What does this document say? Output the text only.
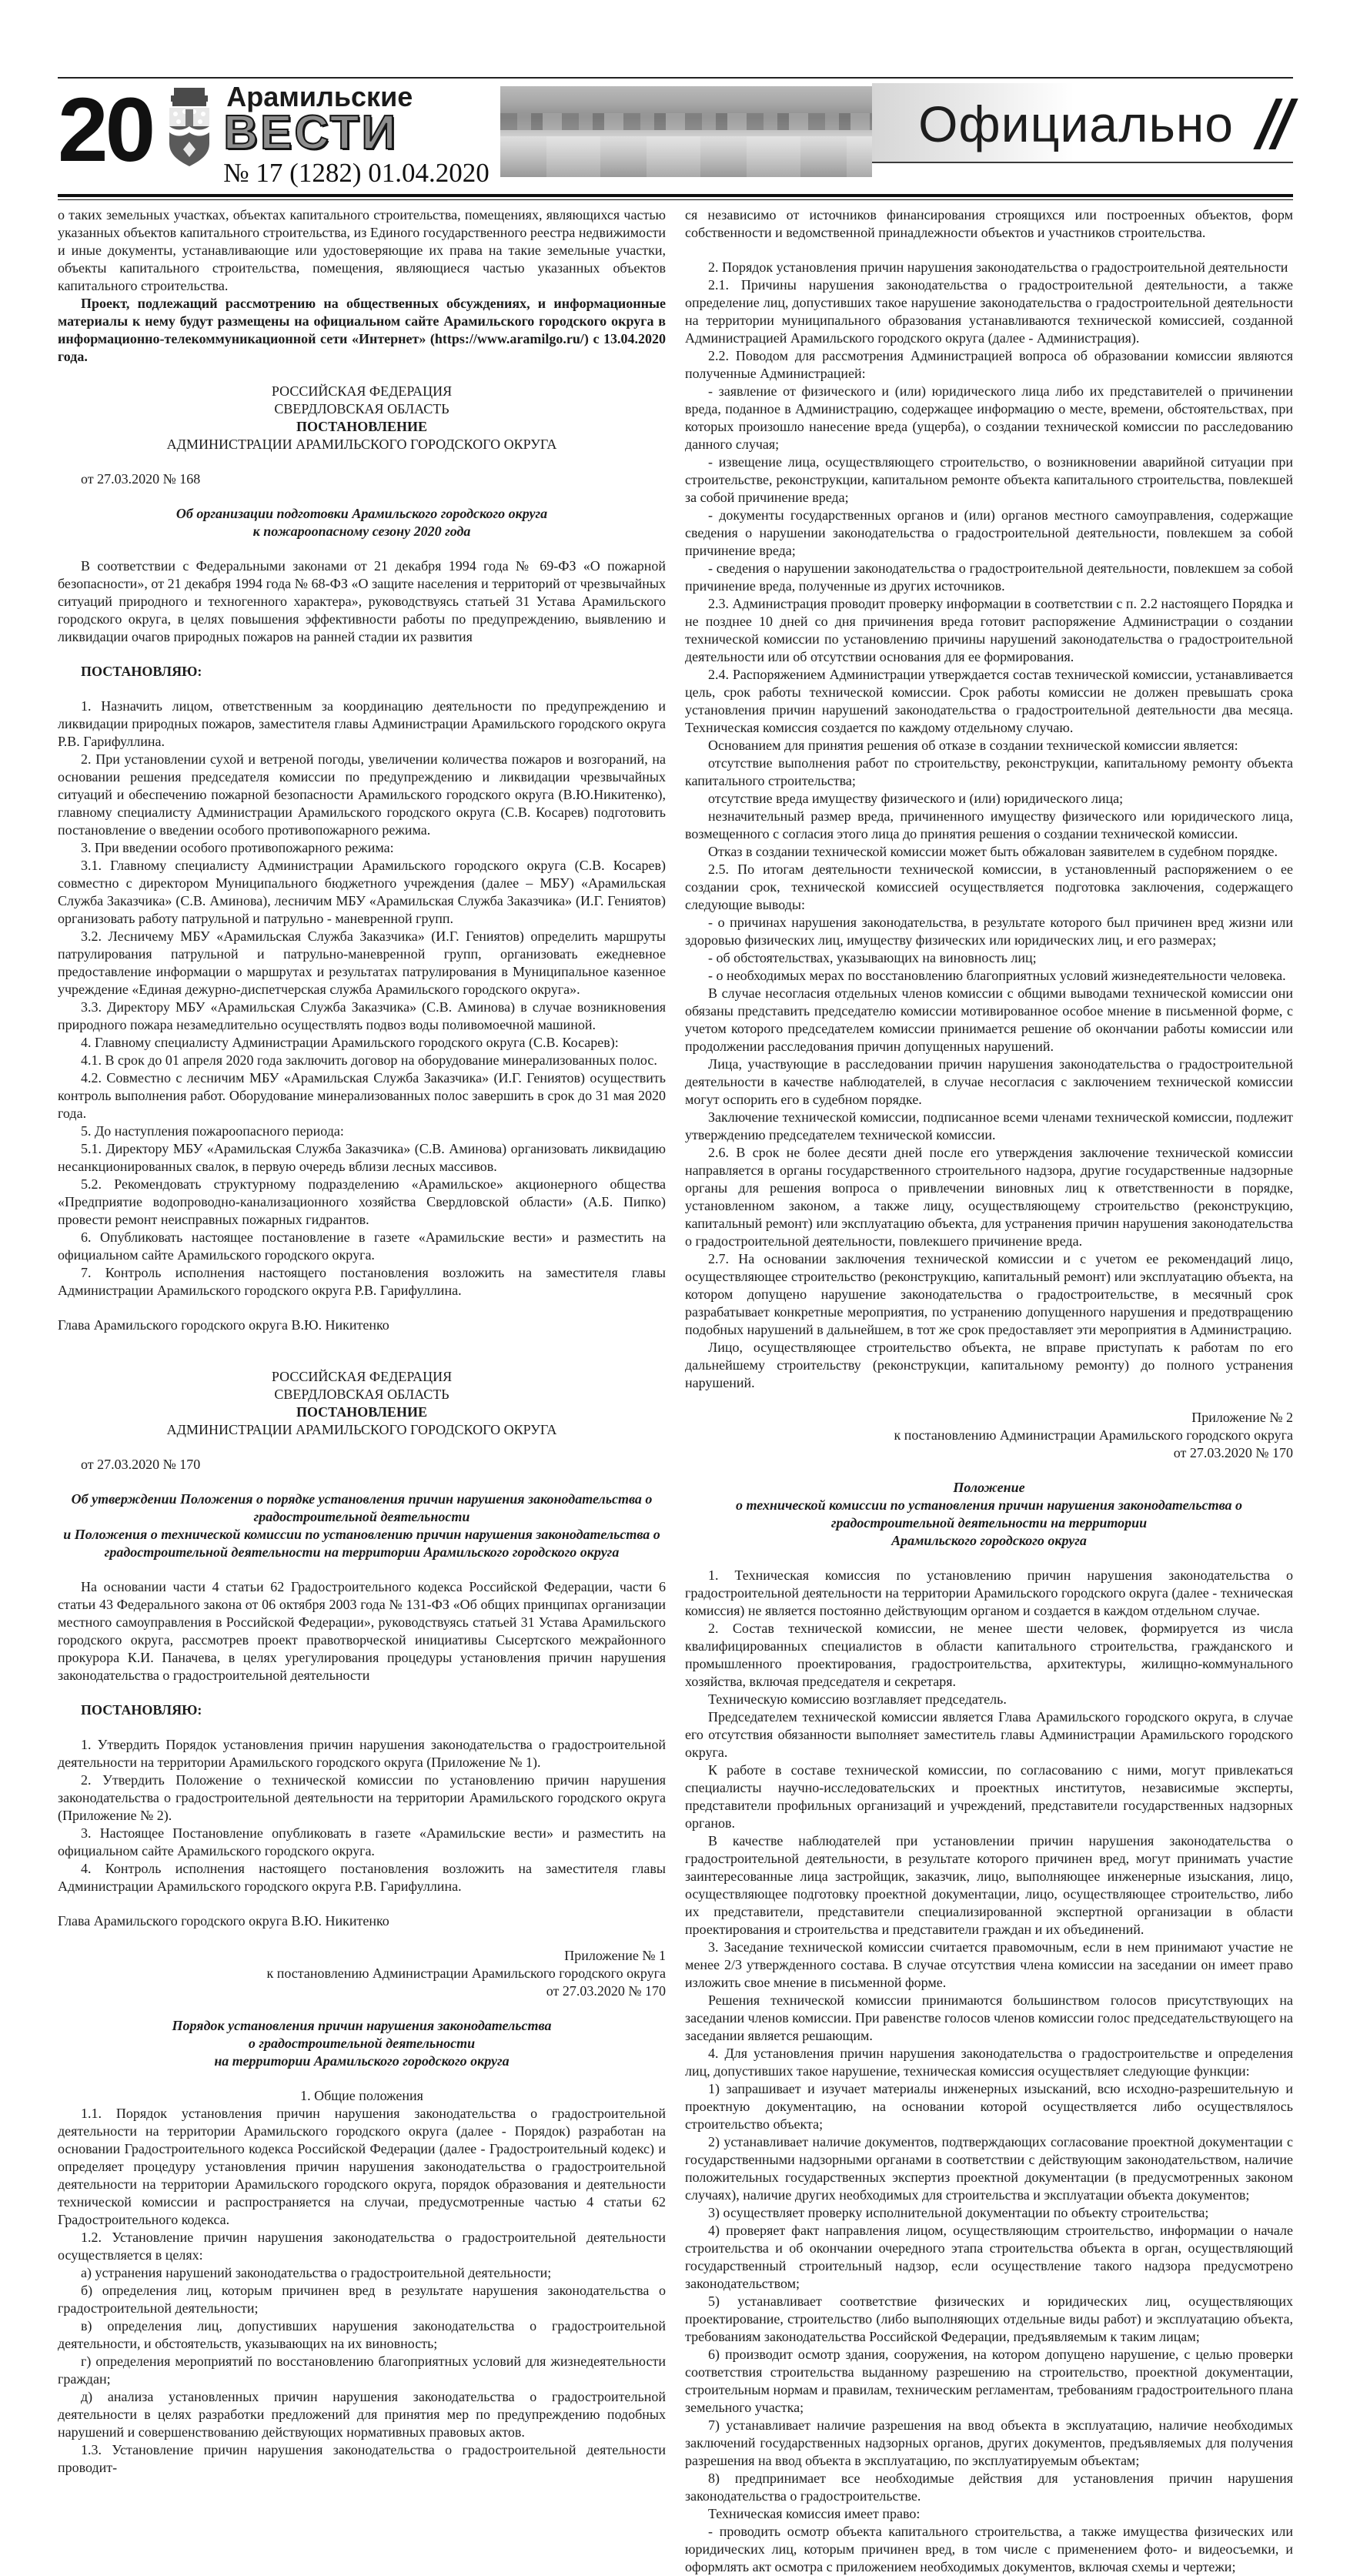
20	Арамильские
ВЕСТИ
№ 17 (1282) 01.04.2020
Официально

о таких земельных участках, объектах капитального строительства, помещениях, являющихся частью указанных объектов капитального строительства, из Единого государственного реестра недвижимости и иные документы, устанавливающие или удостоверяющие их права на такие земельные участки, объекты капитального строительства, помещения, являющиеся частью указанных объектов капитального строительства.

Проект, подлежащий рассмотрению на общественных обсуждениях, и информационные материалы к нему будут размещены на официальном сайте Арамильского городского округа в информационно-телекоммуникационной сети «Интернет» (https://www.aramilgo.ru/) с 13.04.2020 года.

РОССИЙСКАЯ ФЕДЕРАЦИЯ

СВЕРДЛОВСКАЯ ОБЛАСТЬ

ПОСТАНОВЛЕНИЕ

АДМИНИСТРАЦИИ АРАМИЛЬСКОГО ГОРОДСКОГО ОКРУГА

от 27.03.2020 № 168

Об организации подготовки Арамильского городского округа

к пожароопасному сезону 2020 года

В соответствии с Федеральными законами от 21 декабря 1994 года № 69-ФЗ «О пожарной безопасности», от 21 декабря 1994 года № 68-ФЗ «О защите населения и территорий от чрезвычайных ситуаций природного и техногенного характера», руководствуясь статьей 31 Устава Арамильского городского округа, в целях повышения эффективности работы по предупреждению, выявлению и ликвидации очагов природных пожаров на ранней стадии их развития

ПОСТАНОВЛЯЮ:

1. Назначить лицом, ответственным за координацию деятельности по предупреждению и ликвидации природных пожаров, заместителя главы Администрации Арамильского городского округа Р.В. Гарифуллина.

2. При установлении сухой и ветреной погоды, увеличении количества пожаров и возгораний, на основании решения председателя комиссии по предупреждению и ликвидации чрезвычайных ситуаций и обеспечению пожарной безопасности Арамильского городского округа (В.Ю.Никитенко), главному специалисту Администрации Арамильского городского округа (С.В. Косарев) подготовить постановление о введении особого противопожарного режима.

3. При введении особого противопожарного режима:

3.1. Главному специалисту Администрации Арамильского городского округа (С.В. Косарев) совместно с директором Муниципального бюджетного учреждения (далее – МБУ) «Арамильская Служба Заказчика» (С.В. Аминова), лесничим МБУ «Арамильская Служба Заказчика» (И.Г. Гениятов) организовать работу патрульной и патрульно - маневренной групп.

3.2. Лесничему МБУ «Арамильская Служба Заказчика» (И.Г. Гениятов) определить маршруты патрулирования патрульной и патрульно-маневренной групп, организовать ежедневное предоставление информации о маршрутах и результатах патрулирования в Муниципальное казенное учреждение «Единая дежурно-диспетчерская служба Арамильского городского округа».

3.3. Директору МБУ «Арамильская Служба Заказчика» (С.В. Аминова) в случае возникновения природного пожара незамедлительно осуществлять подвоз воды поливомоечной машиной.

4. Главному специалисту Администрации Арамильского городского округа (С.В. Косарев):

4.1. В срок до 01 апреля 2020 года заключить договор на оборудование минерализованных полос.

4.2. Совместно с лесничим МБУ «Арамильская Служба Заказчика» (И.Г. Гениятов) осуществить контроль выполнения работ. Оборудование минерализованных полос завершить в срок до 31 мая 2020 года.

5. До наступления пожароопасного периода:

5.1. Директору МБУ «Арамильская Служба Заказчика» (С.В. Аминова) организовать ликвидацию несанкционированных свалок, в первую очередь вблизи лесных массивов.

5.2. Рекомендовать структурному подразделению «Арамильское» акционерного общества «Предприятие водопроводно-канализационного хозяйства Свердловской области» (А.Б. Пипко) провести ремонт неисправных пожарных гидрантов.

6. Опубликовать настоящее постановление в газете «Арамильские вести» и разместить на официальном сайте Арамильского городского округа.

7. Контроль исполнения настоящего постановления возложить на заместителя главы Администрации Арамильского городского округа Р.В. Гарифуллина.

Глава Арамильского городского округа В.Ю. Никитенко

РОССИЙСКАЯ ФЕДЕРАЦИЯ

СВЕРДЛОВСКАЯ ОБЛАСТЬ

ПОСТАНОВЛЕНИЕ

АДМИНИСТРАЦИИ АРАМИЛЬСКОГО ГОРОДСКОГО ОКРУГА

от 27.03.2020 № 170

Об утверждении Положения о порядке установления причин нарушения законодательства о градостроительной деятельности

и Положения о технической комиссии по установлению причин нарушения законодательства о градостроительной деятельности на территории Арамильского городского округа

На основании части 4 статьи 62 Градостроительного кодекса Российской Федерации, части 6 статьи 43 Федерального закона от 06 октября 2003 года № 131-ФЗ «Об общих принципах организации местного самоуправления в Российской Федерации», руководствуясь статьей 31 Устава Арамильского городского округа, рассмотрев проект правотворческой инициативы Сысертского межрайонного прокурора К.И. Паначева, в целях урегулирования процедуры установления причин нарушения законодательства о градостроительной деятельности

ПОСТАНОВЛЯЮ:

1. Утвердить Порядок установления причин нарушения законодательства о градостроительной деятельности на территории Арамильского городского округа (Приложение № 1).

2. Утвердить Положение о технической комиссии по установлению причин нарушения законодательства о градостроительной деятельности на территории Арамильского городского округа (Приложение № 2).

3. Настоящее Постановление опубликовать в газете «Арамильские вести» и разместить на официальном сайте Арамильского городского округа.

4. Контроль исполнения настоящего постановления возложить на заместителя главы Администрации Арамильского городского округа Р.В. Гарифуллина.

Глава Арамильского городского округа В.Ю. Никитенко

Приложение № 1

к постановлению Администрации Арамильского городского округа

от 27.03.2020 № 170

Порядок установления причин нарушения законодательства

о градостроительной деятельности

на территории Арамильского городского округа

1. Общие положения

1.1. Порядок установления причин нарушения законодательства о градостроительной деятельности на территории Арамильского городского округа (далее - Порядок) разработан на основании Градостроительного кодекса Российской Федерации (далее - Градостроительный кодекс) и определяет процедуру установления причин нарушения законодательства о градостроительной деятельности на территории Арамильского городского округа, порядок образования и деятельности технической комиссии и распространяется на случаи, предусмотренные частью 4 статьи 62 Градостроительного кодекса.

1.2. Установление причин нарушения законодательства о градостроительной деятельности осуществляется в целях:

а) устранения нарушений законодательства о градостроительной деятельности;

б) определения лиц, которым причинен вред в результате нарушения законодательства о градостроительной деятельности;

в) определения лиц, допустивших нарушения законодательства о градостроительной деятельности, и обстоятельств, указывающих на их виновность;

г) определения мероприятий по восстановлению благоприятных условий для жизнедеятельности граждан;

д) анализа установленных причин нарушения законодательства о градостроительной деятельности в целях разработки предложений для принятия мер по предупреждению подобных нарушений и совершенствованию действующих нормативных правовых актов.

1.3. Установление причин нарушения законодательства о градостроительной деятельности проводит-

ся независимо от источников финансирования строящихся или построенных объектов, форм собственности и ведомственной принадлежности объектов и участников строительства.

2. Порядок установления причин нарушения законодательства о градостроительной деятельности

2.1. Причины нарушения законодательства о градостроительной деятельности, а также определение лиц, допустивших такое нарушение законодательства о градостроительной деятельности на территории муниципального образования устанавливаются технической комиссией, созданной Администрацией Арамильского городского округа (далее - Администрация).

2.2. Поводом для рассмотрения Администрацией вопроса об образовании комиссии являются полученные Администрацией:

- заявление от физического и (или) юридического лица либо их представителей о причинении вреда, поданное в Администрацию, содержащее информацию о месте, времени, обстоятельствах, при которых произошло нанесение вреда (ущерба), о создании технической комиссии по расследованию данного случая;

- извещение лица, осуществляющего строительство, о возникновении аварийной ситуации при строительстве, реконструкции, капитальном ремонте объекта капитального строительства, повлекшей за собой причинение вреда;

- документы государственных органов и (или) органов местного самоуправления, содержащие сведения о нарушении законодательства о градостроительной деятельности, повлекшем за собой причинение вреда;

- сведения о нарушении законодательства о градостроительной деятельности, повлекшем за собой причинение вреда, полученные из других источников.

2.3. Администрация проводит проверку информации в соответствии с п. 2.2 настоящего Порядка и не позднее 10 дней со дня причинения вреда готовит распоряжение Администрации о создании технической комиссии по установлению причины нарушений законодательства о градостроительной деятельности или об отсутствии основания для ее формирования.

2.4. Распоряжением Администрации утверждается состав технической комиссии, устанавливается цель, срок работы технической комиссии. Срок работы комиссии не должен превышать срока установления причин нарушений законодательства о градостроительной деятельности два месяца. Техническая комиссия создается по каждому отдельному случаю.

Основанием для принятия решения об отказе в создании технической комиссии является:

отсутствие выполнения работ по строительству, реконструкции, капитальному ремонту объекта капитального строительства;

отсутствие вреда имуществу физического и (или) юридического лица;

незначительный размер вреда, причиненного имуществу физического или юридического лица, возмещенного с согласия этого лица до принятия решения о создании технической комиссии.

Отказ в создании технической комиссии может быть обжалован заявителем в судебном порядке.

2.5. По итогам деятельности технической комиссии, в установленный распоряжением о ее создании срок, технической комиссией осуществляется подготовка заключения, содержащего следующие выводы:

- о причинах нарушения законодательства, в результате которого был причинен вред жизни или здоровью физических лиц, имуществу физических или юридических лиц, и его размерах;

- об обстоятельствах, указывающих на виновность лиц;

- о необходимых мерах по восстановлению благоприятных условий жизнедеятельности человека.

В случае несогласия отдельных членов комиссии с общими выводами технической комиссии они обязаны представить председателю комиссии мотивированное особое мнение в письменной форме, с учетом которого председателем комиссии принимается решение об окончании работы комиссии или продолжении расследования причин допущенных нарушений.

Лица, участвующие в расследовании причин нарушения законодательства о градостроительной деятельности в качестве наблюдателей, в случае несогласия с заключением технической комиссии могут оспорить его в судебном порядке.

Заключение технической комиссии, подписанное всеми членами технической комиссии, подлежит утверждению председателем технической комиссии.

2.6. В срок не более десяти дней после его утверждения заключение технической комиссии направляется в органы государственного строительного надзора, другие государственные надзорные органы для решения вопроса о привлечении виновных лиц к ответственности в порядке, установленном законом, а также лицу, осуществляющему строительство (реконструкцию, капитальный ремонт) или эксплуатацию объекта, для устранения причин нарушения законодательства о градостроительной деятельности, повлекшего причинение вреда.

2.7. На основании заключения технической комиссии и с учетом ее рекомендаций лицо, осуществляющее строительство (реконструкцию, капитальный ремонт) или эксплуатацию объекта, на котором допущено нарушение законодательства о градостроительстве, в месячный срок разрабатывает конкретные мероприятия, по устранению допущенного нарушения и предотвращению подобных нарушений в дальнейшем, в тот же срок предоставляет эти мероприятия в Администрацию.

Лицо, осуществляющее строительство объекта, не вправе приступать к работам по его дальнейшему строительству (реконструкции, капитальному ремонту) до полного устранения нарушений.

Приложение № 2

к постановлению Администрации Арамильского городского округа

от 27.03.2020 № 170

Положение

о технической комиссии по установления причин нарушения законодательства о градостроительной деятельности на территории

Арамильского городского округа

1. Техническая комиссия по установлению причин нарушения законодательства о градостроительной деятельности на территории Арамильского городского округа (далее - техническая комиссия) не является постоянно действующим органом и создается в каждом отдельном случае.

2. Состав технической комиссии, не менее шести человек, формируется из числа квалифицированных специалистов в области капитального строительства, гражданского и промышленного проектирования, градостроительства, архитектуры, жилищно-коммунального хозяйства, включая председателя и секретаря.

Техническую комиссию возглавляет председатель.

Председателем технической комиссии является Глава Арамильского городского округа, в случае его отсутствия обязанности выполняет заместитель главы Администрации Арамильского городского округа.

К работе в составе технической комиссии, по согласованию с ними, могут привлекаться специалисты научно-исследовательских и проектных институтов, независимые эксперты, представители профильных организаций и учреждений, представители государственных надзорных органов.

В качестве наблюдателей при установлении причин нарушения законодательства о градостроительной деятельности, в результате которого причинен вред, могут принимать участие заинтересованные лица застройщик, заказчик, лицо, выполняющее инженерные изыскания, лицо, осуществляющее подготовку проектной документации, лицо, осуществляющее строительство, либо их представители, представители специализированной экспертной организации в области проектирования и строительства и представители граждан и их объединений.

3. Заседание технической комиссии считается правомочным, если в нем принимают участие не менее 2/3 утвержденного состава. В случае отсутствия члена комиссии на заседании он имеет право изложить свое мнение в письменной форме.

Решения технической комиссии принимаются большинством голосов присутствующих на заседании членов комиссии. При равенстве голосов членов комиссии голос председательствующего на заседании является решающим.

4. Для установления причин нарушения законодательства о градостроительстве и определения лиц, допустивших такое нарушение, техническая комиссия осуществляет следующие функции:

1) запрашивает и изучает материалы инженерных изысканий, всю исходно-разрешительную и проектную документацию, на основании которой осуществляется либо осуществлялось строительство объекта;

2) устанавливает наличие документов, подтверждающих согласование проектной документации с государственными надзорными органами в соответствии с действующим законодательством, наличие положительных государственных экспертиз проектной документации (в предусмотренных законом случаях), наличие других необходимых для строительства и эксплуатации объекта документов;

3) осуществляет проверку исполнительной документации по объекту строительства;

4) проверяет факт направления лицом, осуществляющим строительство, информации о начале строительства и об окончании очередного этапа строительства объекта в орган, осуществляющий государственный строительный надзор, если осуществление такого надзора предусмотрено законодательством;

5) устанавливает соответствие физических и юридических лиц, осуществляющих проектирование, строительство (либо выполняющих отдельные виды работ) и эксплуатацию объекта, требованиям законодательства Российской Федерации, предъявляемым к таким лицам;

6) производит осмотр здания, сооружения, на котором допущено нарушение, с целью проверки соответствия строительства выданному разрешению на строительство, проектной документации, строительным нормам и правилам, техническим регламентам, требованиям градостроительного плана земельного участка;

7) устанавливает наличие разрешения на ввод объекта в эксплуатацию, наличие необходимых заключений государственных надзорных органов, других документов, предъявляемых для получения разрешения на ввод объекта в эксплуатацию, по эксплуатируемым объектам;

8) предпринимает все необходимые действия для установления причин нарушения законодательства о градостроительстве.

Техническая комиссия имеет право:

- проводить осмотр объекта капитального строительства, а также имущества физических или юридических лиц, которым причинен вред, в том числе с применением фото- и видеосъемки, и оформлять акт осмотра с приложением необходимых документов, включая схемы и чертежи;
